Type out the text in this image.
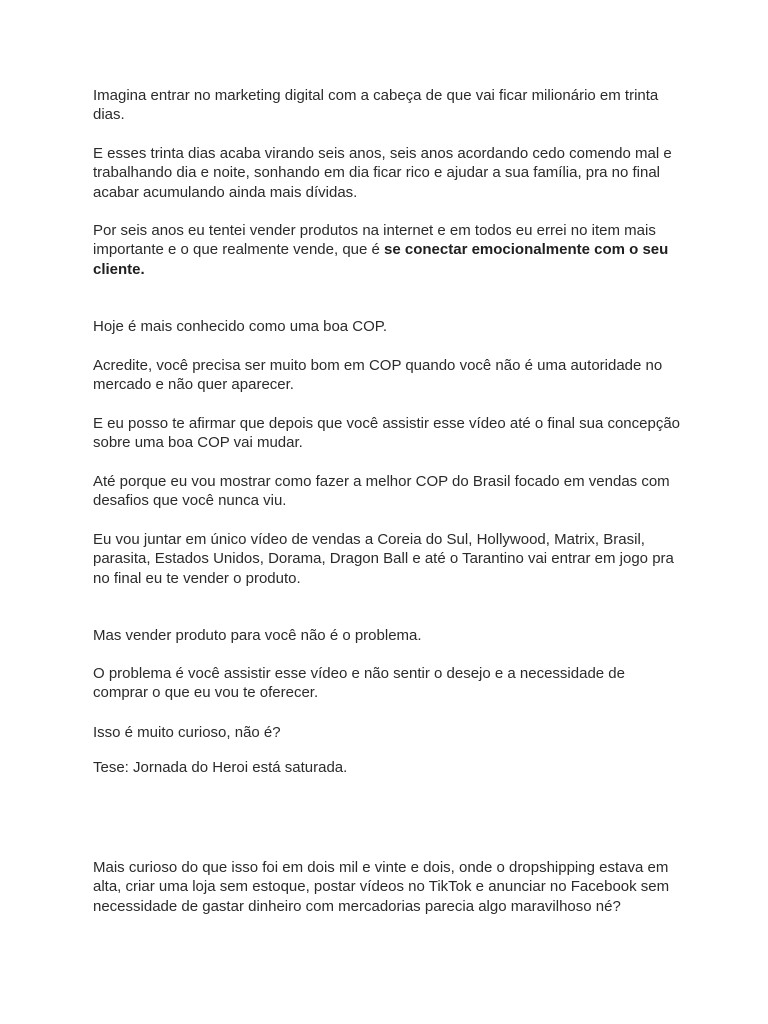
Imagina entrar no marketing digital com a cabeça de que vai ficar milionário em trinta dias.

E esses trinta dias acaba virando seis anos, seis anos acordando cedo comendo mal e trabalhando dia e noite, sonhando em dia ficar rico e ajudar a sua família, pra no final acabar acumulando ainda mais dívidas.

Por seis anos eu tentei vender produtos na internet e em todos eu errei no item mais importante e o que realmente vende, que é se conectar emocionalmente com o seu cliente.

Hoje é mais conhecido como uma boa COP.

Acredite, você precisa ser muito bom em COP quando você não é uma autoridade no mercado e não quer aparecer.

E eu posso te afirmar que depois que você assistir esse vídeo até o final sua concepção sobre uma boa COP vai mudar.

Até porque eu vou mostrar como fazer a melhor COP do Brasil focado em vendas com desafios que você nunca viu.

Eu vou juntar em único vídeo de vendas a Coreia do Sul, Hollywood, Matrix, Brasil, parasita, Estados Unidos, Dorama, Dragon Ball e até o Tarantino vai entrar em jogo pra no final eu te vender o produto.

Mas vender produto para você não é o problema.

O problema é você assistir esse vídeo e não sentir o desejo e a necessidade de comprar o que eu vou te oferecer.

Isso é muito curioso, não é?

Tese: Jornada do Heroi está saturada.

Mais curioso do que isso foi em dois mil e vinte e dois, onde o dropshipping estava em alta, criar uma loja sem estoque, postar vídeos no TikTok e anunciar no Facebook sem necessidade de gastar dinheiro com mercadorias parecia algo maravilhoso né?
